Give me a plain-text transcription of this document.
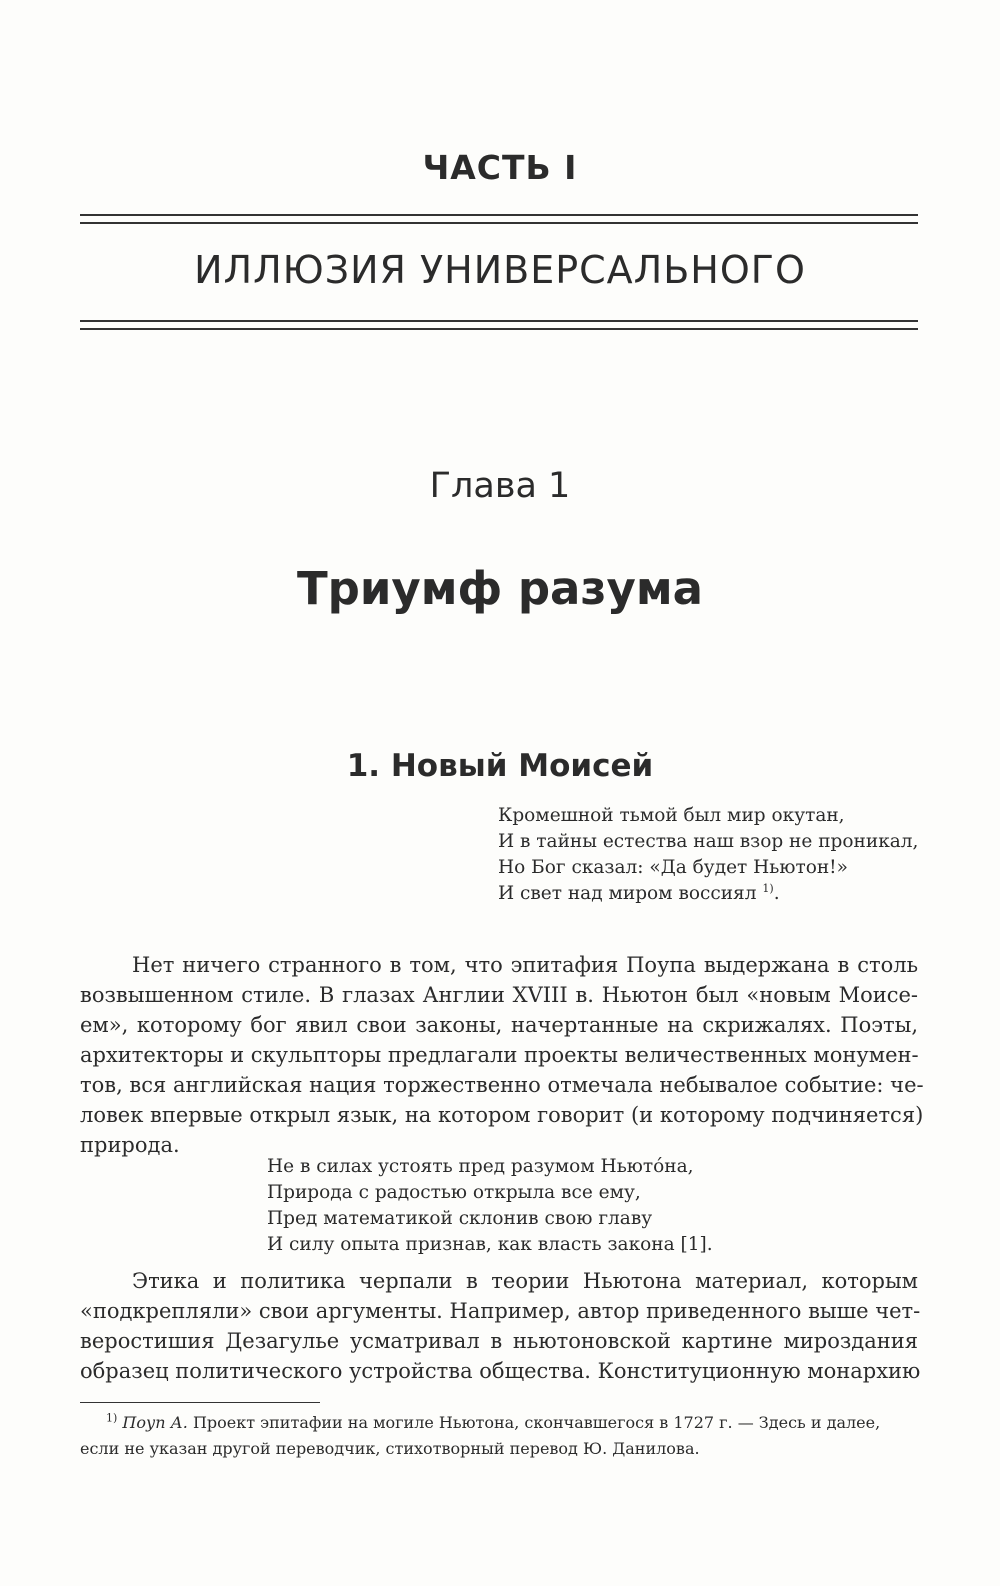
ЧАСТЬ I
ИЛЛЮЗИЯ УНИВЕРСАЛЬНОГО
Глава 1
Триумф разума
1. Новый Моисей
Кромешной тьмой был мир окутан,
И в тайны естества наш взор не проникал,
Но Бог сказал: «Да будет Ньютон!»
И свет над миром воссиял $^{1)}$.
Нет ничего странного в том, что эпитафия Поупа выдержана в столь
возвышенном стиле. В глазах Англии XVIII в. Ньютон был «новым Моисе-
ем», которому бог явил свои законы, начертанные на скрижалях. Поэты,
архитекторы и скульпторы предлагали проекты величественных монумен-
тов, вся английская нация торжественно отмечала небывалое событие: че-
ловек впервые открыл язык, на котором говорит (и которому подчиняется)
природа.
Не в силах устоять пред разумом Ньюто́на,
Природа с радостью открыла все ему,
Пред математикой склонив свою главу
И силу опыта признав, как власть закона [1].
Этика и политика черпали в теории Ньютона материал, которым
«подкрепляли» свои аргументы. Например, автор приведенного выше чет-
веростишия Дезагулье усматривал в ньютоновской картине мироздания
образец политического устройства общества. Конституционную монархию
$^{1)}$ Поуп А. Проект эпитафии на могиле Ньютона, скончавшегося в 1727 г. — Здесь и далее,
если не указан другой переводчик, стихотворный перевод Ю. Данилова.
